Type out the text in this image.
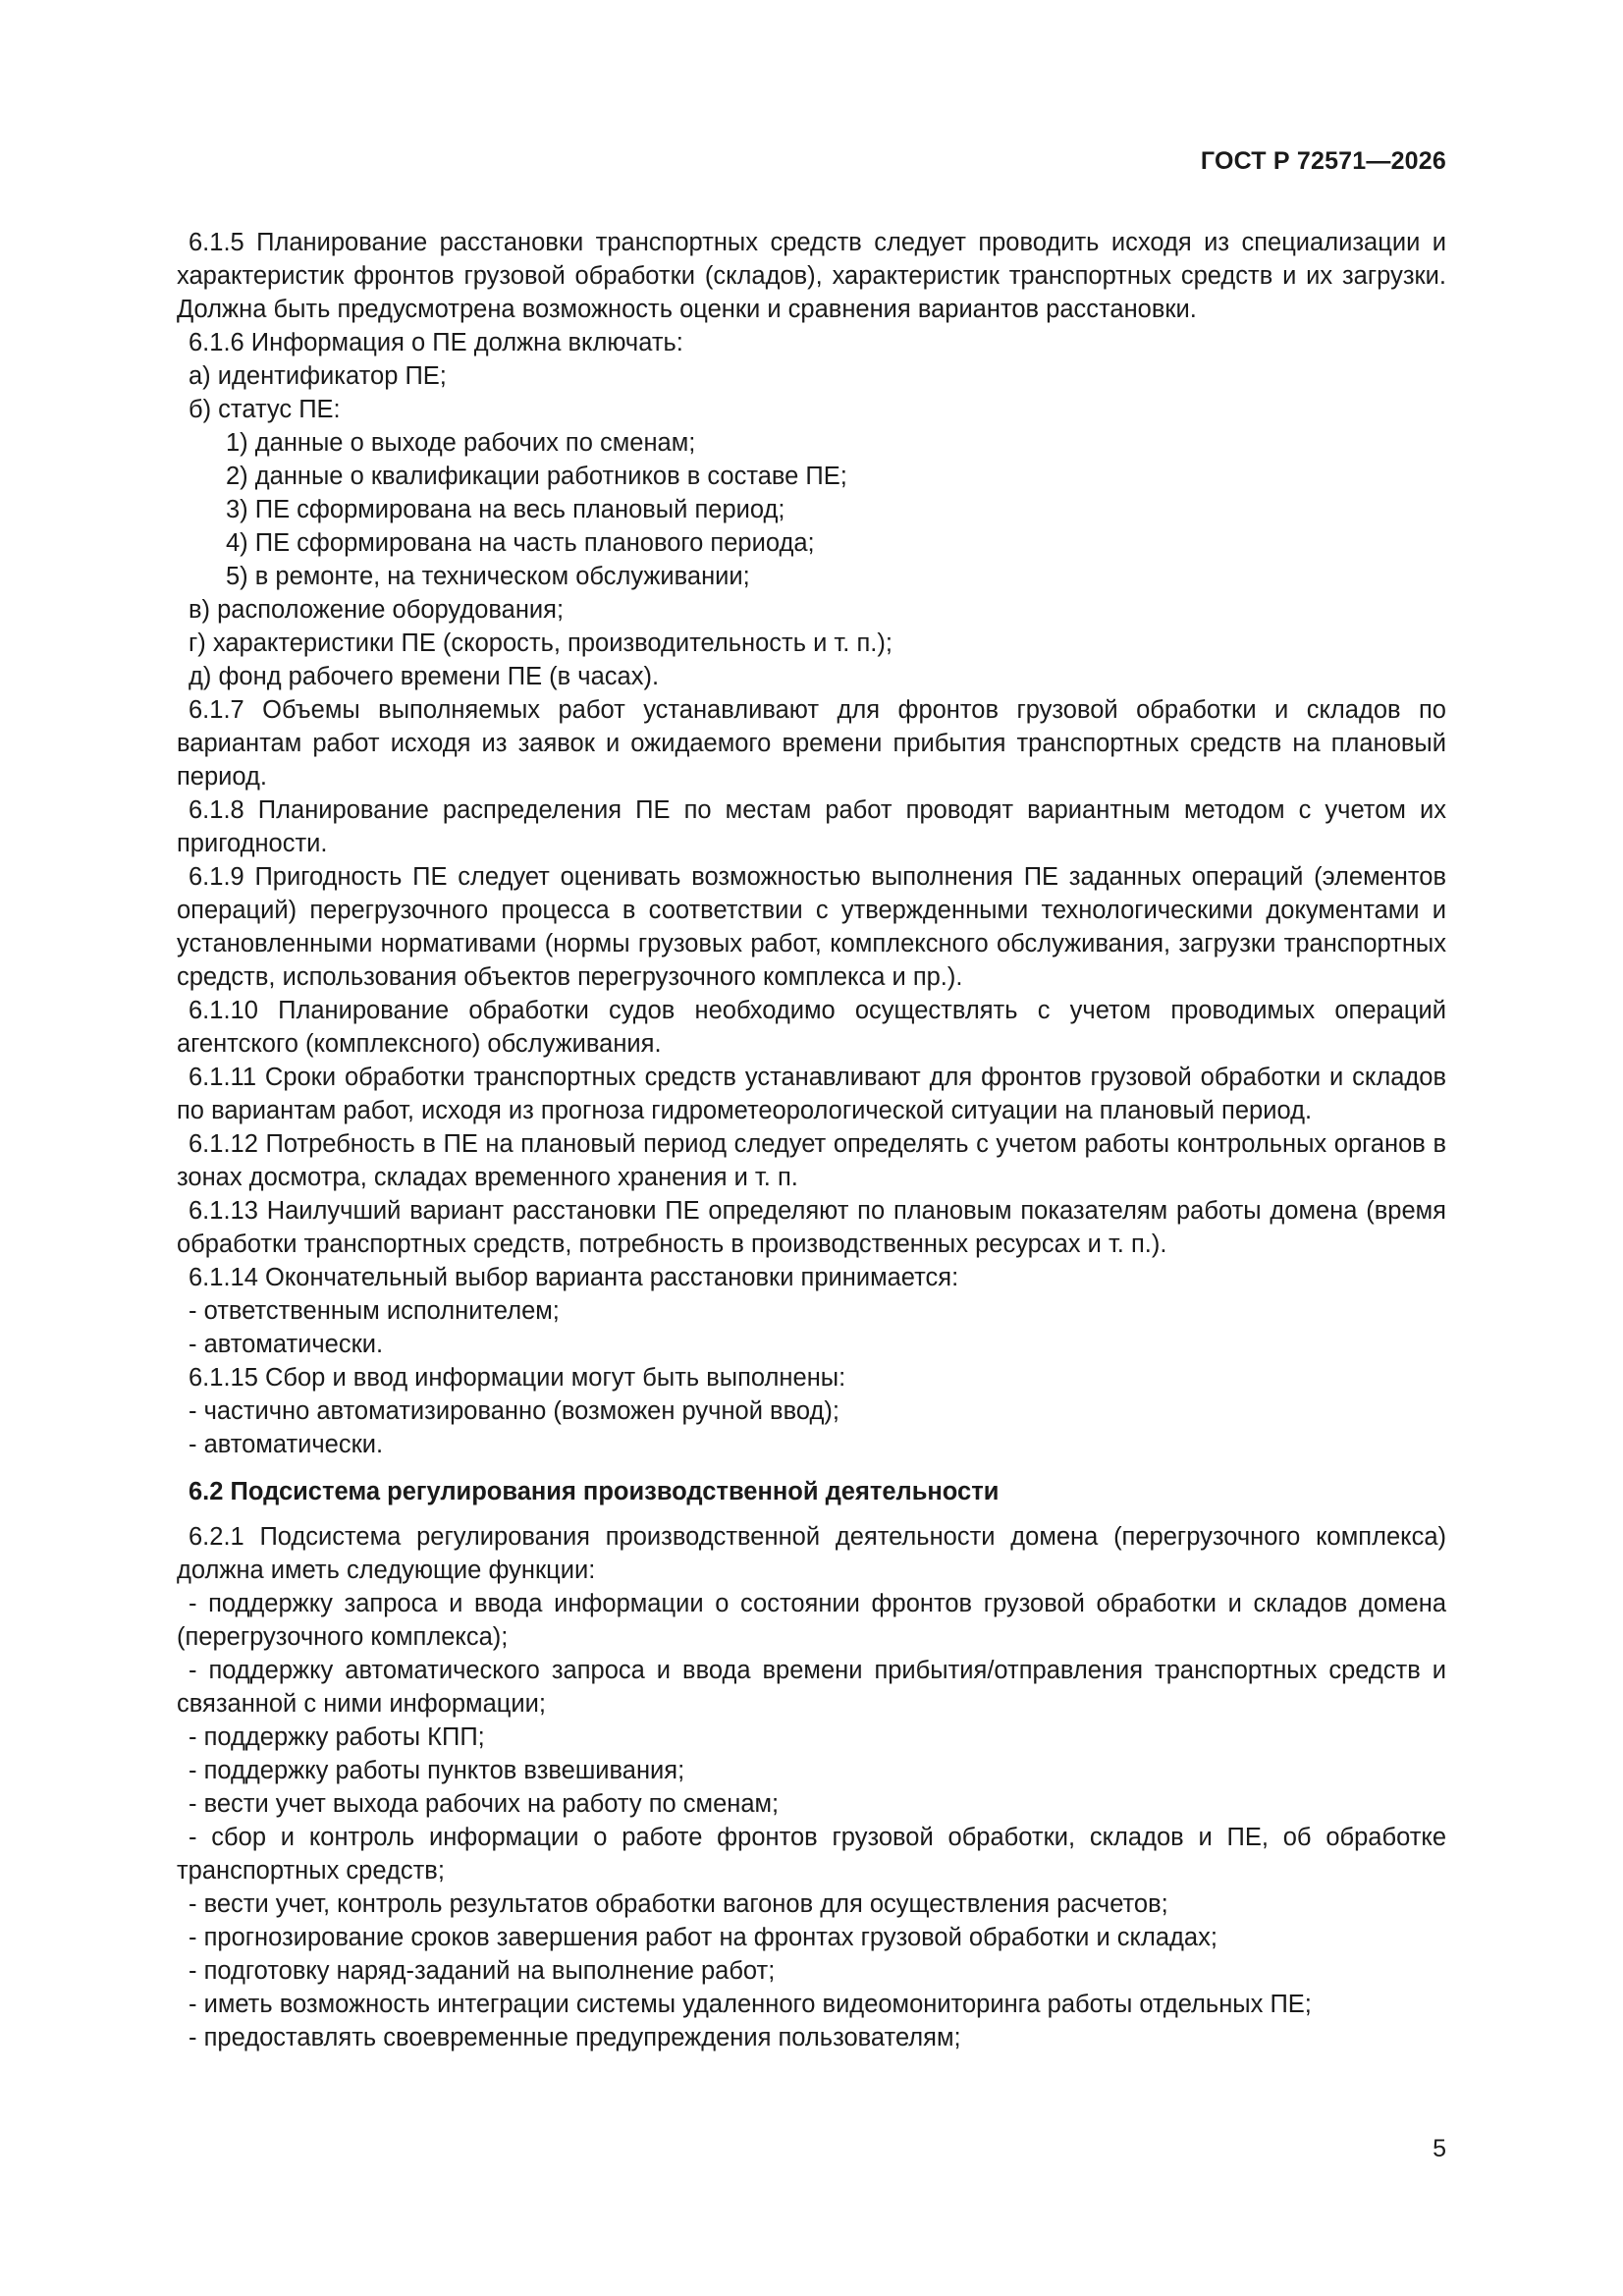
ГОСТ Р 72571—2026

6.1.5 Планирование расстановки транспортных средств следует проводить исходя из специализации и характеристик фронтов грузовой обработки (складов), характеристик транспортных средств и их загрузки. Должна быть предусмотрена возможность оценки и сравнения вариантов расстановки.

6.1.6 Информация о ПЕ должна включать:

а) идентификатор ПЕ;

б) статус ПЕ:

1) данные о выходе рабочих по сменам;

2) данные о квалификации работников в составе ПЕ;

3) ПЕ сформирована на весь плановый период;

4) ПЕ сформирована на часть планового периода;

5) в ремонте, на техническом обслуживании;

в) расположение оборудования;

г) характеристики ПЕ (скорость, производительность и т. п.);

д) фонд рабочего времени ПЕ (в часах).

6.1.7 Объемы выполняемых работ устанавливают для фронтов грузовой обработки и складов по вариантам работ исходя из заявок и ожидаемого времени прибытия транспортных средств на плановый период.

6.1.8 Планирование распределения ПЕ по местам работ проводят вариантным методом с учетом их пригодности.

6.1.9 Пригодность ПЕ следует оценивать возможностью выполнения ПЕ заданных операций (элементов операций) перегрузочного процесса в соответствии с утвержденными технологическими документами и установленными нормативами (нормы грузовых работ, комплексного обслуживания, загрузки транспортных средств, использования объектов перегрузочного комплекса и пр.).

6.1.10 Планирование обработки судов необходимо осуществлять с учетом проводимых операций агентского (комплексного) обслуживания.

6.1.11 Сроки обработки транспортных средств устанавливают для фронтов грузовой обработки и складов по вариантам работ, исходя из прогноза гидрометеорологической ситуации на плановый период.

6.1.12 Потребность в ПЕ на плановый период следует определять с учетом работы контрольных органов в зонах досмотра, складах временного хранения и т. п.

6.1.13 Наилучший вариант расстановки ПЕ определяют по плановым показателям работы домена (время обработки транспортных средств, потребность в производственных ресурсах и т. п.).

6.1.14 Окончательный выбор варианта расстановки принимается:

- ответственным исполнителем;

- автоматически.

6.1.15 Сбор и ввод информации могут быть выполнены:

- частично автоматизированно (возможен ручной ввод);

- автоматически.

6.2 Подсистема регулирования производственной деятельности

6.2.1 Подсистема регулирования производственной деятельности домена (перегрузочного комплекса) должна иметь следующие функции:

- поддержку запроса и ввода информации о состоянии фронтов грузовой обработки и складов домена (перегрузочного комплекса);

- поддержку автоматического запроса и ввода времени прибытия/отправления транспортных средств и связанной с ними информации;

- поддержку работы КПП;

- поддержку работы пунктов взвешивания;

- вести учет выхода рабочих на работу по сменам;

- сбор и контроль информации о работе фронтов грузовой обработки, складов и ПЕ, об обработке транспортных средств;

- вести учет, контроль результатов обработки вагонов для осуществления расчетов;

- прогнозирование сроков завершения работ на фронтах грузовой обработки и складах;

- подготовку наряд-заданий на выполнение работ;

- иметь возможность интеграции системы удаленного видеомониторинга работы отдельных ПЕ;

- предоставлять своевременные предупреждения пользователям;

5
